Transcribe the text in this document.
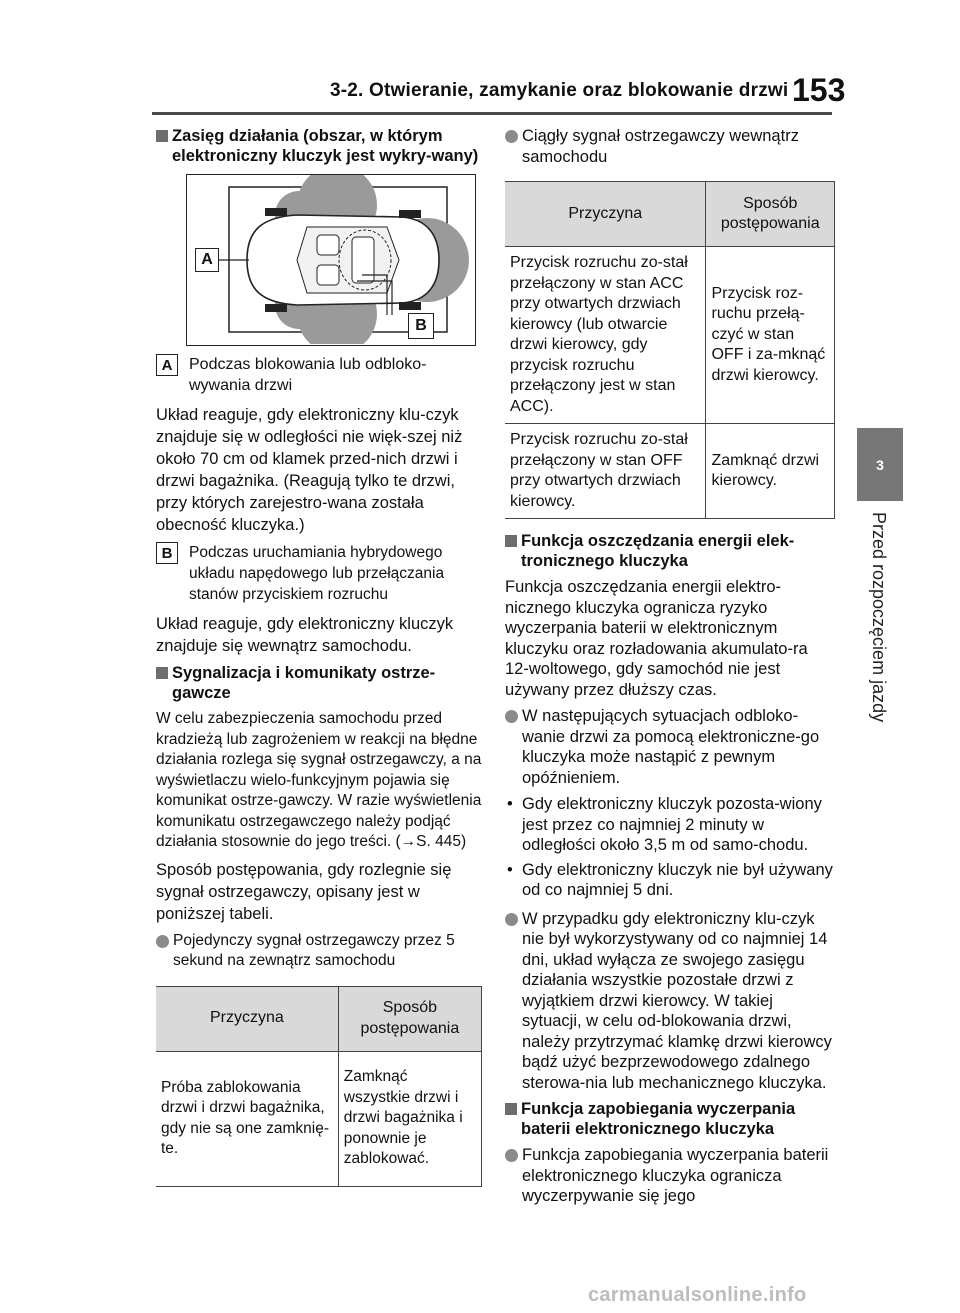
3-2. Otwieranie, zamykanie oraz blokowanie drzwi 153
3
Przed rozpoczęciem jazdy
Zasięg działania (obszar, w którym elektroniczny kluczyk jest wykry-wany)
A
B
A	Podczas blokowania lub odbloko-wywania drzwi

Układ reaguje, gdy elektroniczny klu-czyk znajduje się w odległości nie więk-szej niż około 70 cm od klamek przed-nich drzwi i drzwi bagażnika. (Reagują tylko te drzwi, przy których zarejestro-wana została obecność kluczyka.)

B	Podczas uruchamiania hybrydowego układu napędowego lub przełączania stanów przyciskiem rozruchu

Układ reaguje, gdy elektroniczny kluczyk znajduje się wewnątrz samochodu.

Sygnalizacja i komunikaty ostrze-gawcze

W celu zabezpieczenia samochodu przed kradzieżą lub zagrożeniem w reakcji na błędne działania rozlega się sygnał ostrzegawczy, a na wyświetlaczu wielo-funkcyjnym pojawia się komunikat ostrze-gawczy. W razie wyświetlenia komunikatu ostrzegawczego należy podjąć działania stosownie do jego treści. (→S. 445)

Sposób postępowania, gdy rozlegnie się sygnał ostrzegawczy, opisany jest w poniższej tabeli.

Pojedynczy sygnał ostrzegawczy przez 5 sekund na zewnątrz samochodu
Przyczyna	Sposób postępowania
Próba zablokowania drzwi i drzwi bagażnika, gdy nie są one zamknię-te.	Zamknąć wszystkie drzwi i drzwi bagażnika i ponownie je zablokować.
Ciągły sygnał ostrzegawczy wewnątrz samochodu
Przyczyna	Sposób postępowania
Przycisk rozruchu zo-stał przełączony w stan ACC przy otwartych drzwiach kierowcy (lub otwarcie drzwi kierowcy, gdy przycisk rozruchu przełączony jest w stan ACC).	Przycisk roz-ruchu przełą-czyć w stan OFF i za-mknąć drzwi kierowcy.
Przycisk rozruchu zo-stał przełączony w stan OFF przy otwartych drzwiach kierowcy.	Zamknąć drzwi kierowcy.
Funkcja oszczędzania energii elek-tronicznego kluczyka

Funkcja oszczędzania energii elektro-nicznego kluczyka ogranicza ryzyko wyczerpania baterii w elektronicznym kluczyku oraz rozładowania akumulato-ra 12-woltowego, gdy samochód nie jest używany przez dłuższy czas.

W następujących sytuacjach odbloko-wanie drzwi za pomocą elektroniczne-go kluczyka może nastąpić z pewnym opóźnieniem.
• Gdy elektroniczny kluczyk pozosta-wiony jest przez co najmniej 2 minuty w odległości około 3,5 m od samo-chodu.
• Gdy elektroniczny kluczyk nie był używany od co najmniej 5 dni.
W przypadku gdy elektroniczny klu-czyk nie był wykorzystywany od co najmniej 14 dni, układ wyłącza ze swojego zasięgu działania wszystkie pozostałe drzwi z wyjątkiem drzwi kierowcy. W takiej sytuacji, w celu od-blokowania drzwi, należy przytrzymać klamkę drzwi kierowcy bądź użyć bezprzewodowego zdalnego sterowa-nia lub mechanicznego kluczyka.
Funkcja zapobiegania wyczerpania baterii elektronicznego kluczyka
Funkcja zapobiegania wyczerpania baterii elektronicznego kluczyka ogranicza wyczerpywanie się jego
carmanualsonline.info
